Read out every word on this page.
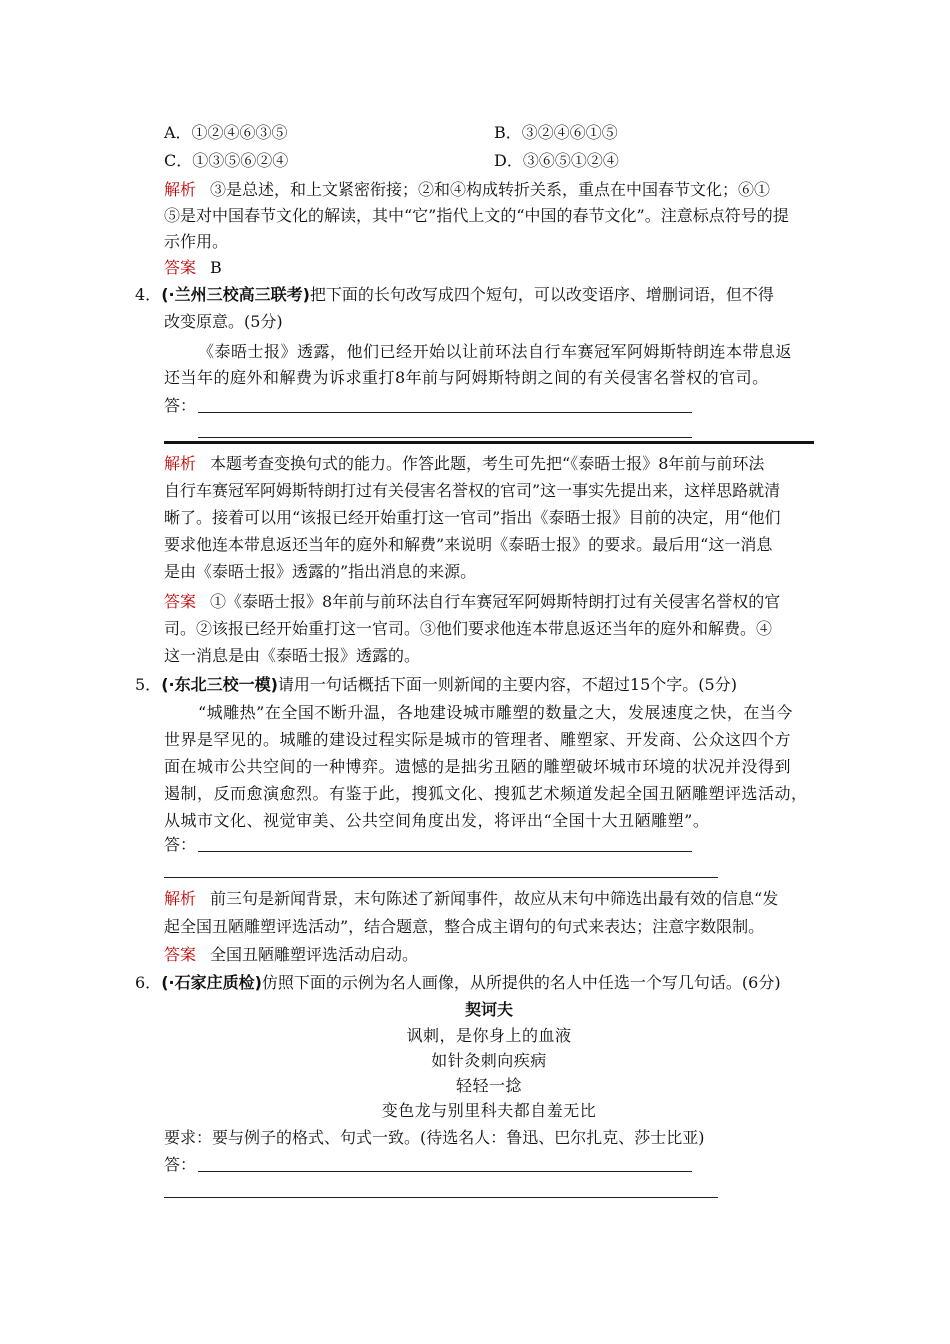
A．①②④⑥③⑤	B．③②④⑥①⑤
C．①③⑤⑥②④	D．③⑥⑤①②④
解析 ③是总述，和上文紧密衔接；②和④构成转折关系，重点在中国春节文化；⑥①
⑤是对中国春节文化的解读，其中“它”指代上文的“中国的春节文化”。注意标点符号的提
示作用。
答案 B
4．(·兰州三校高三联考)把下面的长句改写成四个短句，可以改变语序、增删词语，但不得
改变原意。(5分)
《泰晤士报》透露，他们已经开始以让前环法自行车赛冠军阿姆斯特朗连本带息返
还当年的庭外和解费为诉求重打8年前与阿姆斯特朗之间的有关侵害名誉权的官司。
答：
解析 本题考查变换句式的能力。作答此题，考生可先把“《泰晤士报》8年前与前环法
自行车赛冠军阿姆斯特朗打过有关侵害名誉权的官司”这一事实先提出来，这样思路就清
晰了。接着可以用“该报已经开始重打这一官司”指出《泰晤士报》目前的决定，用“他们
要求他连本带息返还当年的庭外和解费”来说明《泰晤士报》的要求。最后用“这一消息
是由《泰晤士报》透露的”指出消息的来源。
答案 ①《泰晤士报》8年前与前环法自行车赛冠军阿姆斯特朗打过有关侵害名誉权的官
司。②该报已经开始重打这一官司。③他们要求他连本带息返还当年的庭外和解费。④
这一消息是由《泰晤士报》透露的。
5．(·东北三校一模)请用一句话概括下面一则新闻的主要内容，不超过15个字。(5分)
“城雕热”在全国不断升温，各地建设城市雕塑的数量之大，发展速度之快，在当今
世界是罕见的。城雕的建设过程实际是城市的管理者、雕塑家、开发商、公众这四个方
面在城市公共空间的一种博弈。遗憾的是拙劣丑陋的雕塑破坏城市环境的状况并没得到
遏制，反而愈演愈烈。有鉴于此，搜狐文化、搜狐艺术频道发起全国丑陋雕塑评选活动，
从城市文化、视觉审美、公共空间角度出发，将评出“全国十大丑陋雕塑”。
答：
解析 前三句是新闻背景，末句陈述了新闻事件，故应从末句中筛选出最有效的信息“发
起全国丑陋雕塑评选活动”，结合题意，整合成主谓句的句式来表达；注意字数限制。
答案 全国丑陋雕塑评选活动启动。
6．(·石家庄质检)仿照下面的示例为名人画像，从所提供的名人中任选一个写几句话。(6分)
契诃夫
讽刺，是你身上的血液
如针灸刺向疾病
轻轻一捻
变色龙与别里科夫都自羞无比
要求：要与例子的格式、句式一致。(待选名人：鲁迅、巴尔扎克、莎士比亚)
答：
